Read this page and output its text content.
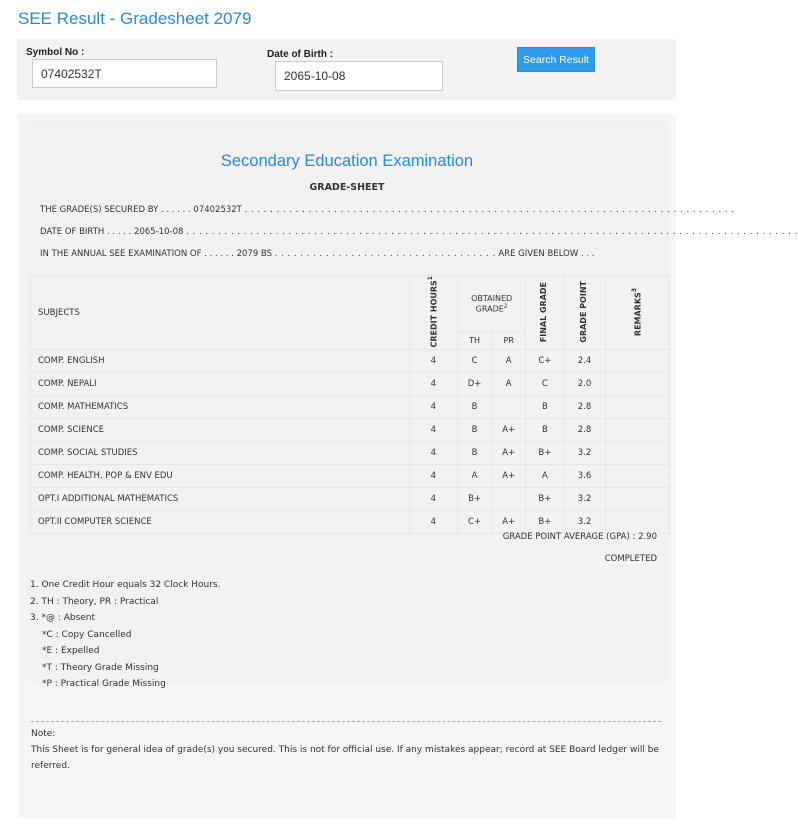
SEE Result - Gradesheet 2079
Symbol No :
07402532T	Date of Birth :
2065-10-08	Search Result
Secondary Education Examination
GRADE-SHEET
THE GRADE(S) SECURED BY . . . . . . 07402532T . . . . . . . . . . . . . . . . . . . . . . . . . . . . . . . . . . . . . . . . . . . . . . . . . . . . . . . . . . . . . . . . . . . . . . . . . . . . .
DATE OF BIRTH . . . . . 2065-10-08 . . . . . . . . . . . . . . . . . . . . . . . . . . . . . . . . . . . . . . . . . . . . . . . . . . . . . . . . . . . . . . . . . . . . . . . . . . . . . . . . . . . . . . . . . . . . . . . .
IN THE ANNUAL SEE EXAMINATION OF . . . . . . 2079 BS . . . . . . . . . . . . . . . . . . . . . . . . . . . . . . . . . . . ARE GIVEN BELOW . . .
SUBJECTS	CREDIT HOURS$^1$	OBTAINED GRADE$^2$		FINAL GRADE	GRADE POINT	REMARKS$^3$
		TH	PR			
COMP. ENGLISH	4	C	A	C+	2.4	
COMP. NEPALI	4	D+	A	C	2.0	
COMP. MATHEMATICS	4	B		B	2.8	
COMP. SCIENCE	4	B	A+	B	2.8	
COMP. SOCIAL STUDIES	4	B	A+	B+	3.2	
COMP. HEALTH, POP & ENV EDU	4	A	A+	A	3.6	
OPT.I ADDITIONAL MATHEMATICS	4	B+		B+	3.2	
OPT.II COMPUTER SCIENCE	4	C+	A+	B+	3.2	
GRADE POINT AVERAGE (GPA) : 2.90
COMPLETED
1. One Credit Hour equals 32 Clock Hours.
2. TH : Theory, PR : Practical
3. *@ : Absent
*C : Copy Cancelled
*E : Expelled
*T : Theory Grade Missing
*P : Practical Grade Missing
Note:
This Sheet is for general idea of grade(s) you secured. This is not for official use. If any mistakes appear; record at SEE Board ledger will be referred.
